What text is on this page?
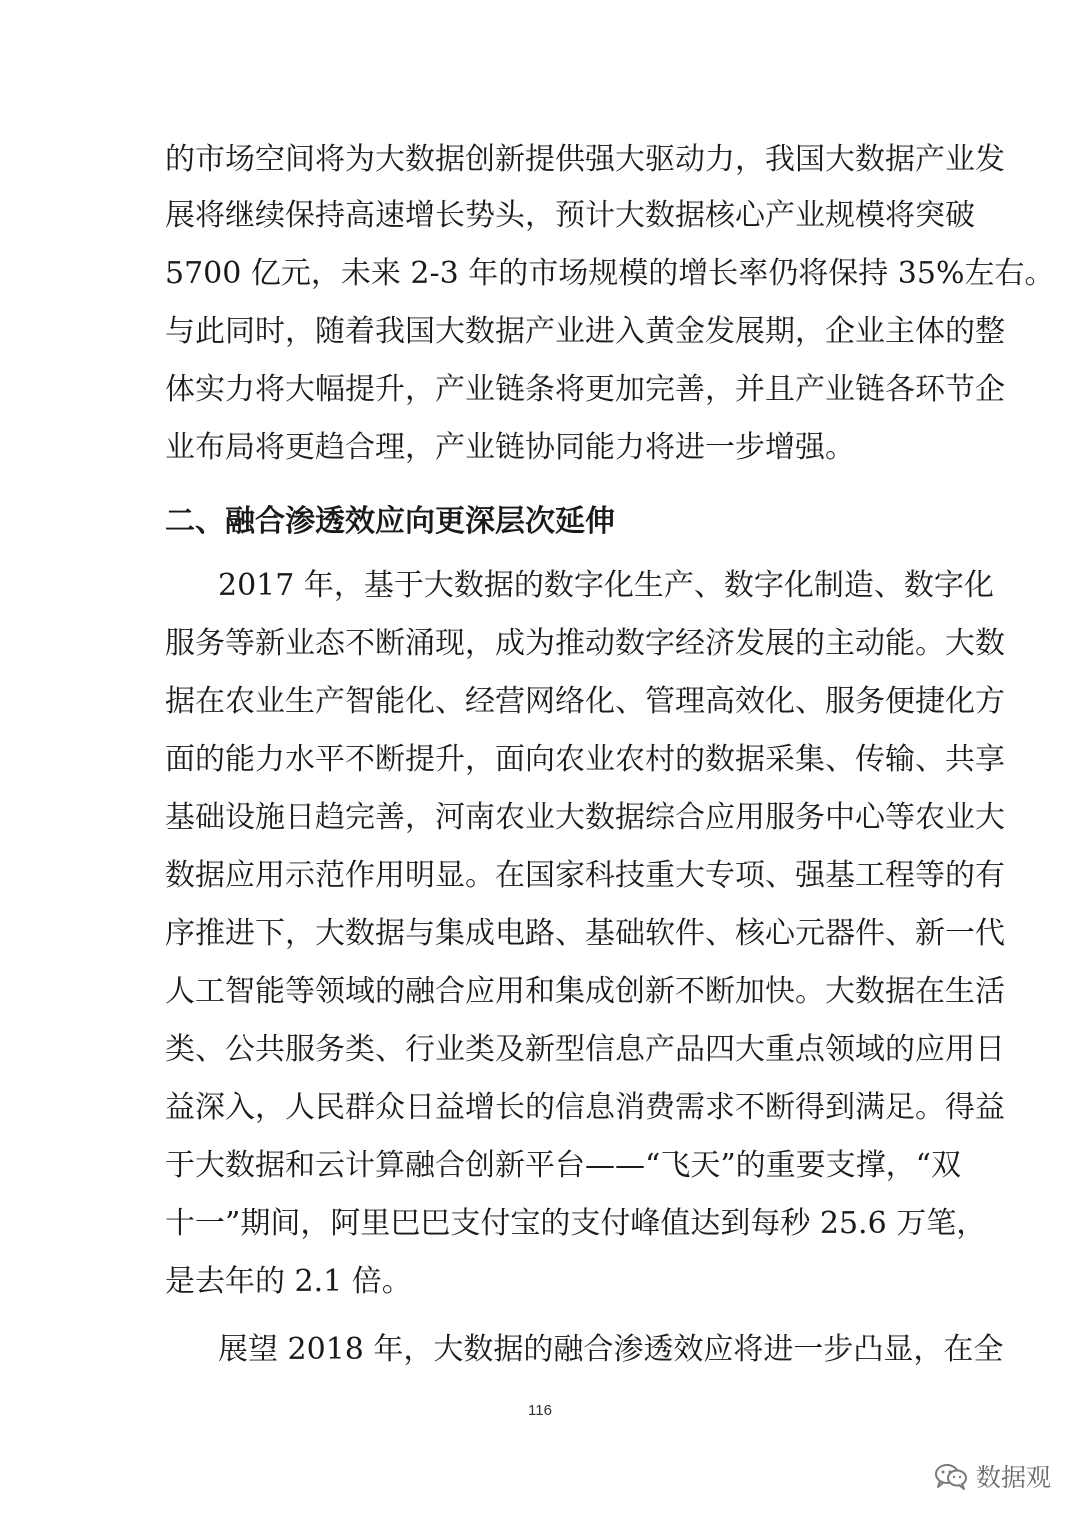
的市场空间将为大数据创新提供强大驱动力，我国大数据产业发
展将继续保持高速增长势头，预计大数据核心产业规模将突破
5700 亿元，未来 2-3 年的市场规模的增长率仍将保持 35%左右。
与此同时，随着我国大数据产业进入黄金发展期，企业主体的整
体实力将大幅提升，产业链条将更加完善，并且产业链各环节企
业布局将更趋合理，产业链协同能力将进一步增强。
二、融合渗透效应向更深层次延伸
2017 年，基于大数据的数字化生产、数字化制造、数字化
服务等新业态不断涌现，成为推动数字经济发展的主动能。大数
据在农业生产智能化、经营网络化、管理高效化、服务便捷化方
面的能力水平不断提升，面向农业农村的数据采集、传输、共享
基础设施日趋完善，河南农业大数据综合应用服务中心等农业大
数据应用示范作用明显。在国家科技重大专项、强基工程等的有
序推进下，大数据与集成电路、基础软件、核心元器件、新一代
人工智能等领域的融合应用和集成创新不断加快。大数据在生活
类、公共服务类、行业类及新型信息产品四大重点领域的应用日
益深入，人民群众日益增长的信息消费需求不断得到满足。得益
于大数据和云计算融合创新平台——“飞天”的重要支撑，“双
十一”期间，阿里巴巴支付宝的支付峰值达到每秒 25.6 万笔，
是去年的 2.1 倍。
展望 2018 年，大数据的融合渗透效应将进一步凸显，在全
116
数据观
